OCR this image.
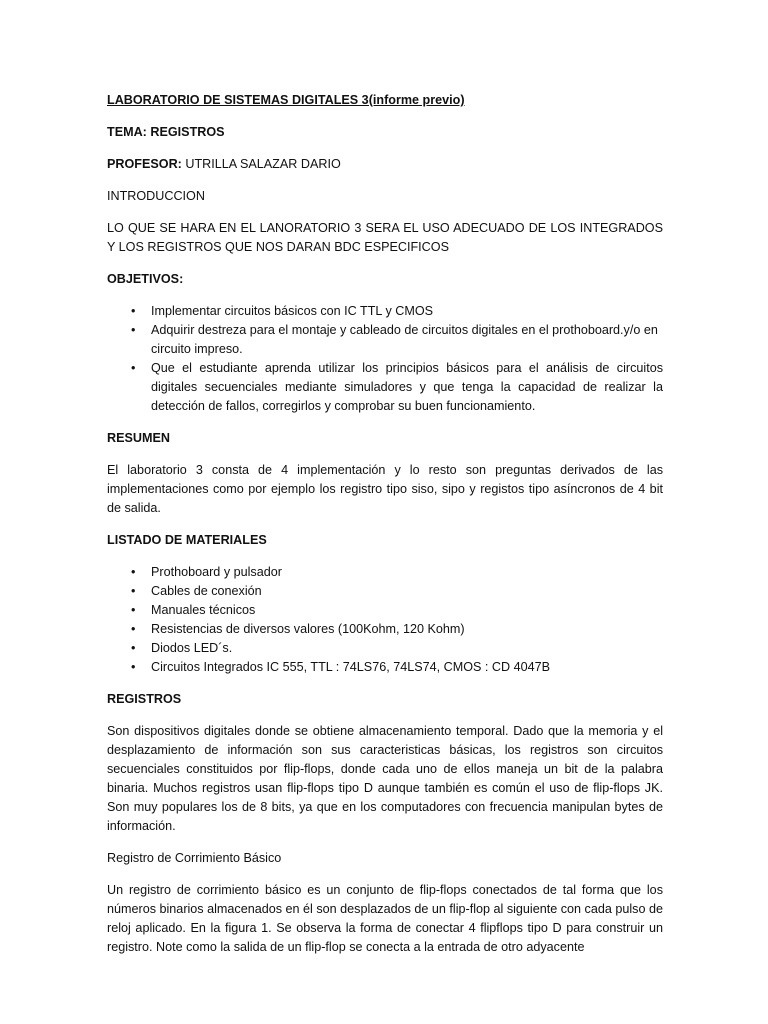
LABORATORIO DE SISTEMAS DIGITALES 3(informe previo)

TEMA: REGISTROS

PROFESOR: UTRILLA SALAZAR DARIO

INTRODUCCION

LO QUE SE HARA EN EL LANORATORIO 3 SERA EL USO ADECUADO DE LOS INTEGRADOS Y LOS REGISTROS QUE NOS DARAN BDC ESPECIFICOS

OBJETIVOS:

• Implementar circuitos básicos con IC TTL y CMOS
• Adquirir destreza para el montaje y cableado de circuitos digitales en el prothoboard.y/o en circuito impreso.
• Que el estudiante aprenda utilizar los principios básicos para el análisis de circuitos digitales secuenciales mediante simuladores y que tenga la capacidad de realizar la detección de fallos, corregirlos y comprobar su buen funcionamiento.

RESUMEN

El laboratorio 3 consta de 4 implementación y lo resto son preguntas derivados de las implementaciones como por ejemplo los registro tipo siso, sipo y registos tipo asíncronos de 4 bit de salida.

LISTADO DE MATERIALES

• Prothoboard y pulsador
• Cables de conexión
• Manuales técnicos
• Resistencias de diversos valores (100Kohm, 120 Kohm)
• Diodos LED´s.
• Circuitos Integrados IC 555, TTL : 74LS76, 74LS74, CMOS : CD 4047B

REGISTROS

Son dispositivos digitales donde se obtiene almacenamiento temporal. Dado que la memoria y el desplazamiento de información son sus caracteristicas básicas, los registros son circuitos secuenciales constituidos por flip-flops, donde cada uno de ellos maneja un bit de la palabra binaria. Muchos registros usan flip-flops tipo D aunque también es común el uso de flip-flops JK. Son muy populares los de 8 bits, ya que en los computadores con frecuencia manipulan bytes de información.

Registro de Corrimiento Básico

Un registro de corrimiento básico es un conjunto de flip-flops conectados de tal forma que los números binarios almacenados en él son desplazados de un flip-flop al siguiente con cada pulso de reloj aplicado. En la figura 1. Se observa la forma de conectar 4 flipflops tipo D para construir un registro. Note como la salida de un flip-flop se conecta a la entrada de otro adyacente
